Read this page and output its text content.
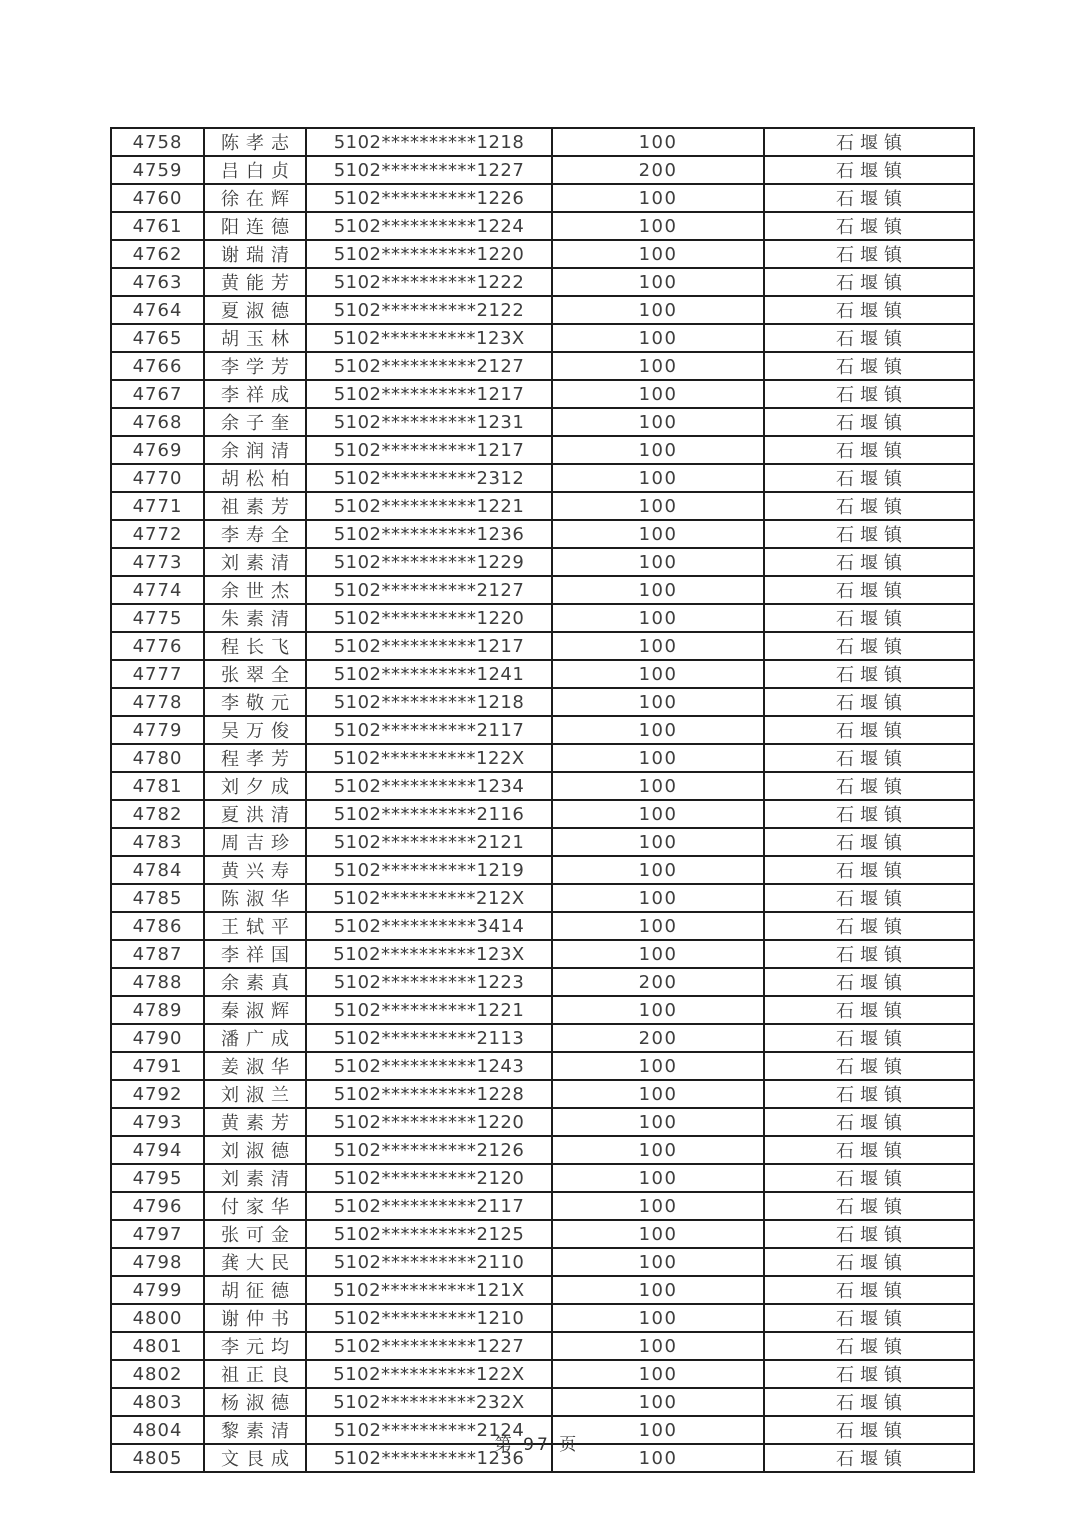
4758	陈孝志	5102**********1218	100	石堰镇
4759	吕白贞	5102**********1227	200	石堰镇
4760	徐在辉	5102**********1226	100	石堰镇
4761	阳连德	5102**********1224	100	石堰镇
4762	谢瑞清	5102**********1220	100	石堰镇
4763	黄能芳	5102**********1222	100	石堰镇
4764	夏淑德	5102**********2122	100	石堰镇
4765	胡玉林	5102**********123X	100	石堰镇
4766	李学芳	5102**********2127	100	石堰镇
4767	李祥成	5102**********1217	100	石堰镇
4768	余子奎	5102**********1231	100	石堰镇
4769	余润清	5102**********1217	100	石堰镇
4770	胡松柏	5102**********2312	100	石堰镇
4771	祖素芳	5102**********1221	100	石堰镇
4772	李寿全	5102**********1236	100	石堰镇
4773	刘素清	5102**********1229	100	石堰镇
4774	余世杰	5102**********2127	100	石堰镇
4775	朱素清	5102**********1220	100	石堰镇
4776	程长飞	5102**********1217	100	石堰镇
4777	张翠全	5102**********1241	100	石堰镇
4778	李敬元	5102**********1218	100	石堰镇
4779	吴万俊	5102**********2117	100	石堰镇
4780	程孝芳	5102**********122X	100	石堰镇
4781	刘夕成	5102**********1234	100	石堰镇
4782	夏洪清	5102**********2116	100	石堰镇
4783	周吉珍	5102**********2121	100	石堰镇
4784	黄兴寿	5102**********1219	100	石堰镇
4785	陈淑华	5102**********212X	100	石堰镇
4786	王轼平	5102**********3414	100	石堰镇
4787	李祥国	5102**********123X	100	石堰镇
4788	余素真	5102**********1223	200	石堰镇
4789	秦淑辉	5102**********1221	100	石堰镇
4790	潘广成	5102**********2113	200	石堰镇
4791	姜淑华	5102**********1243	100	石堰镇
4792	刘淑兰	5102**********1228	100	石堰镇
4793	黄素芳	5102**********1220	100	石堰镇
4794	刘淑德	5102**********2126	100	石堰镇
4795	刘素清	5102**********2120	100	石堰镇
4796	付家华	5102**********2117	100	石堰镇
4797	张可金	5102**********2125	100	石堰镇
4798	龚大民	5102**********2110	100	石堰镇
4799	胡征德	5102**********121X	100	石堰镇
4800	谢仲书	5102**********1210	100	石堰镇
4801	李元均	5102**********1227	100	石堰镇
4802	祖正良	5102**********122X	100	石堰镇
4803	杨淑德	5102**********232X	100	石堰镇
4804	黎素清	5102**********2124	100	石堰镇
4805	文艮成	5102**********1236	100	石堰镇
第 97 页
